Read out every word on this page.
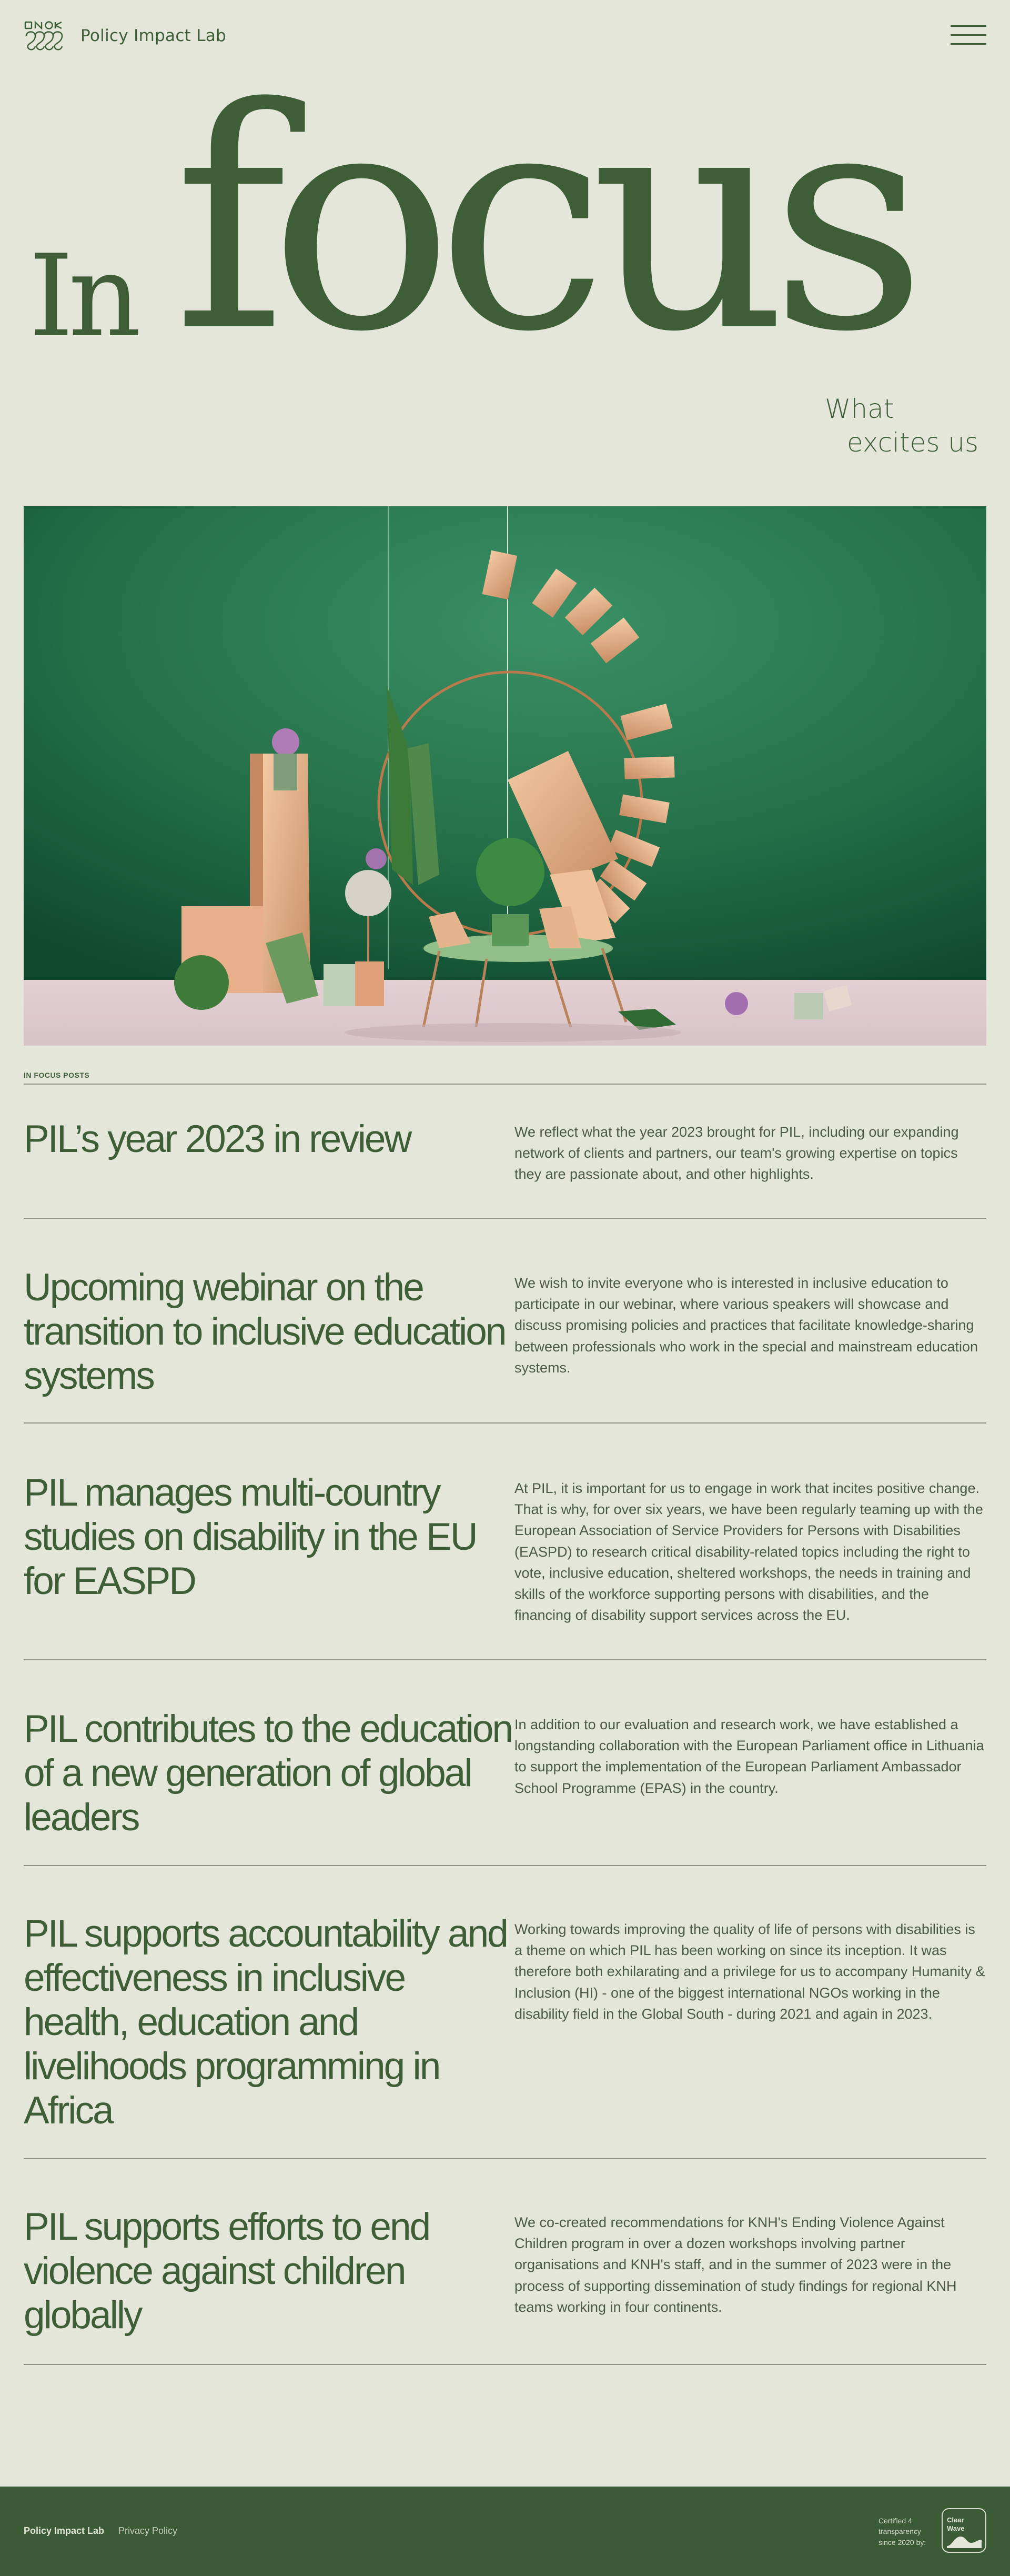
Policy Impact Lab
focus
In
What
excites us
IN FOCUS POSTS
PIL’s year 2023 in review	We reflect what the year 2023 brought for PIL, including our expanding network of clients and partners, our team's growing expertise on topics they are passionate about, and other highlights.

Upcoming webinar on the transition to inclusive education systems

We wish to invite everyone who is interested in inclusive education to participate in our webinar, where various speakers will showcase and discuss promising policies and practices that facilitate knowledge-sharing between professionals who work in the special and mainstream education systems.

PIL manages multi-country studies on disability in the EU for EASPD

At PIL, it is important for us to engage in work that incites positive change. That is why, for over six years, we have been regularly teaming up with the European Association of Service Providers for Persons with Disabilities (EASPD) to research critical disability-related topics including the right to vote, inclusive education, sheltered workshops, the needs in training and skills of the workforce supporting persons with disabilities, and the financing of disability support services across the EU.

PIL contributes to the education of a new generation of global leaders

In addition to our evaluation and research work, we have established a longstanding collaboration with the European Parliament office in Lithuania to support the implementation of the European Parliament Ambassador School Programme (EPAS) in the country.

PIL supports accountability and effectiveness in inclusive health, education and livelihoods programming in Africa

Working towards improving the quality of life of persons with disabilities is a theme on which PIL has been working on since its inception. It was therefore both exhilarating and a privilege for us to accompany Humanity & Inclusion (HI) - one of the biggest international NGOs working in the disability field in the Global South - during 2021 and again in 2023.

PIL supports efforts to end violence against children globally

We co-created recommendations for KNH's Ending Violence Against Children program in over a dozen workshops involving partner organisations and KNH's staff, and in the summer of 2023 were in the process of supporting dissemination of study findings for regional KNH teams working in four continents.

Policy Impact Lab Privacy Policy
Certified 4
transparency
since 2020 by:
Clear
Wave
